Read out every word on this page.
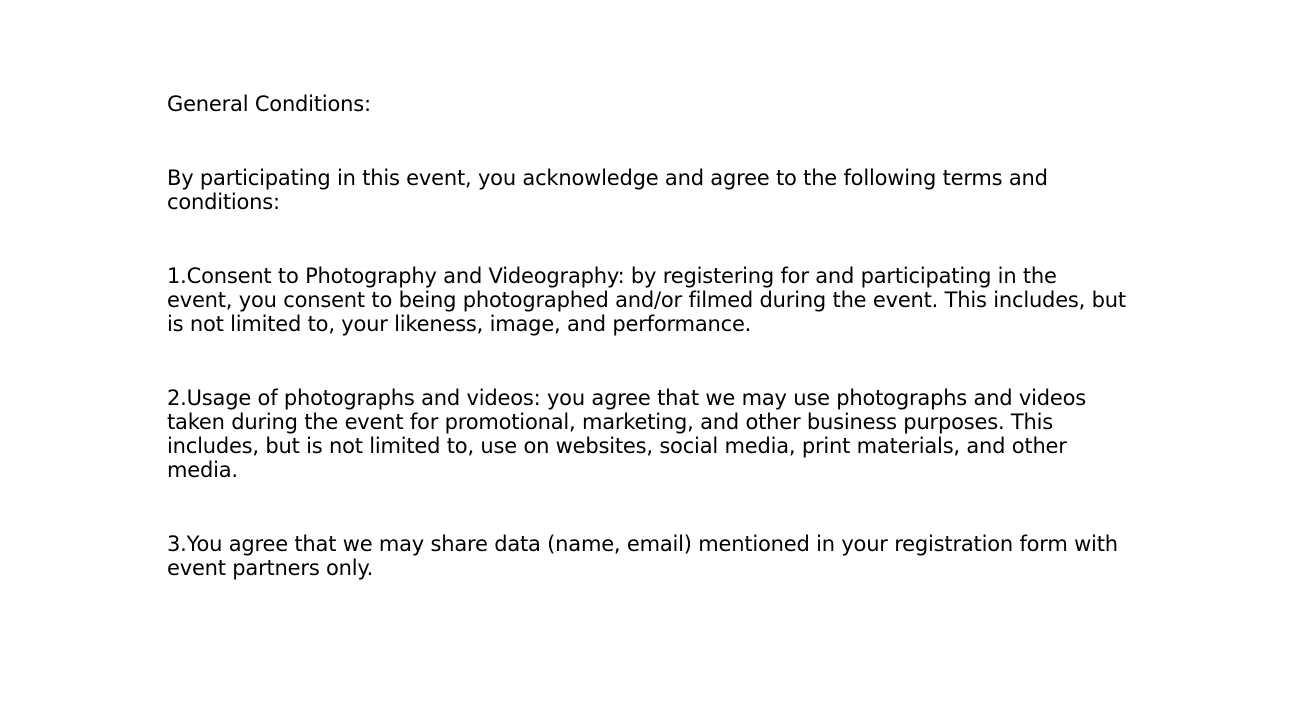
General Conditions:

By participating in this event, you acknowledge and agree to the following terms and conditions:

1.Consent to Photography and Videography: by registering for and participating in the event, you consent to being photographed and/or filmed during the event. This includes, but is not limited to, your likeness, image, and performance.

2.Usage of photographs and videos: you agree that we may use photographs and videos taken during the event for promotional, marketing, and other business purposes. This includes, but is not limited to, use on websites, social media, print materials, and other media.

3.You agree that we may share data (name, email) mentioned in your registration form with event partners only.
